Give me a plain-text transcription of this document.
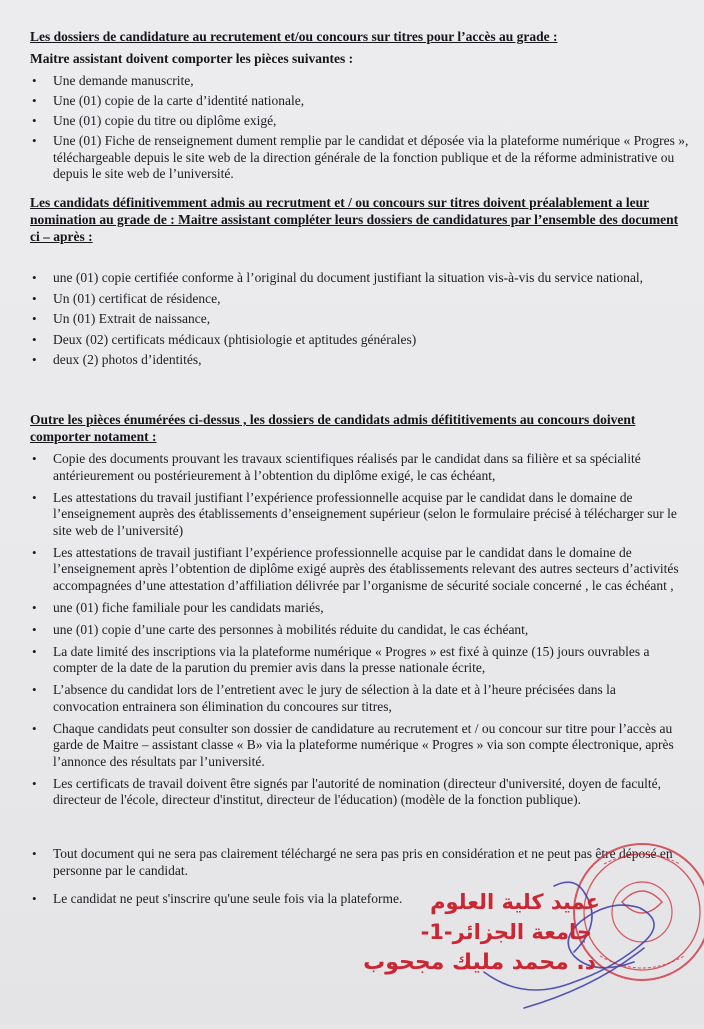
Les dossiers de candidature au recrutement et/ou concours sur titres pour l’accès au grade :

Maitre assistant doivent comporter les pièces suivantes :

• Une demande manuscrite,
• Une (01) copie de la carte d’identité nationale,
• Une (01) copie du titre ou diplôme exigé,
• Une (01) Fiche de renseignement dument remplie par le candidat et déposée via la plateforme numérique « Progres », téléchargeable depuis le site web de la direction générale de la fonction publique et de la réforme administrative ou depuis le site web de l’université.

Les candidats définitivemment admis au recrutment et / ou concours sur titres doivent préalablement a leur nomination au grade de : Maitre assistant compléter leurs dossiers de candidatures par l’ensemble des document ci – après :

• une (01) copie certifiée conforme à l’original du document justifiant la situation vis-à-vis du service national,
• Un (01) certificat de résidence,
• Un (01) Extrait de naissance,
• Deux (02) certificats médicaux (phtisiologie et aptitudes générales)
• deux (2) photos d’identités,

Outre les pièces énumérées ci-dessus , les dossiers de candidats admis défititivements au concours doivent comporter notament :

• Copie des documents prouvant les travaux scientifiques réalisés par le candidat dans sa filière et sa spécialité antérieurement ou postérieurement à l’obtention du diplôme exigé, le cas échéant,
• Les attestations du travail justifiant l’expérience professionnelle acquise par le candidat dans le domaine de l’enseignement auprès des établissements d’enseignement supérieur (selon le formulaire précisé à télécharger sur le site web de l’université)
• Les attestations de travail justifiant l’expérience professionnelle acquise par le candidat dans le domaine de l’enseignement après l’obtention de diplôme exigé auprès des établissements relevant des autres secteurs d’activités accompagnées d’une attestation d’affiliation délivrée par l’organisme de sécurité sociale concerné , le cas échéant ,
• une (01) fiche familiale pour les candidats mariés,
• une (01) copie d’une carte des personnes à mobilités réduite du candidat, le cas échéant,
• La date limité des inscriptions via la plateforme numérique « Progres » est fixé à quinze (15) jours ouvrables a compter de la date de la parution du premier avis dans la presse nationale écrite,
• L’absence du candidat lors de l’entretient avec le jury de sélection à la date et à l’heure précisées dans la convocation entrainera son élimination du concoures sur titres,
• Chaque candidats peut consulter son dossier de candidature au recrutement et / ou concour sur titre pour l’accès au garde de Maitre – assistant classe « B» via la plateforme numérique « Progres » via son compte électronique, après l’annonce des résultats par l’université.
• Les certificats de travail doivent être signés par l'autorité de nomination (directeur d'université, doyen de faculté, directeur de l'école, directeur d'institut, directeur de l'éducation) (modèle de la fonction publique).
• Tout document qui ne sera pas clairement téléchargé ne sera pas pris en considération et ne peut pas être déposé en personne par le candidat.
• Le candidat ne peut s'inscrire qu'une seule fois via la plateforme.	عميد كلية العلوم
جامعة الجزائر-1-
د. محمد مليك مجحوب
